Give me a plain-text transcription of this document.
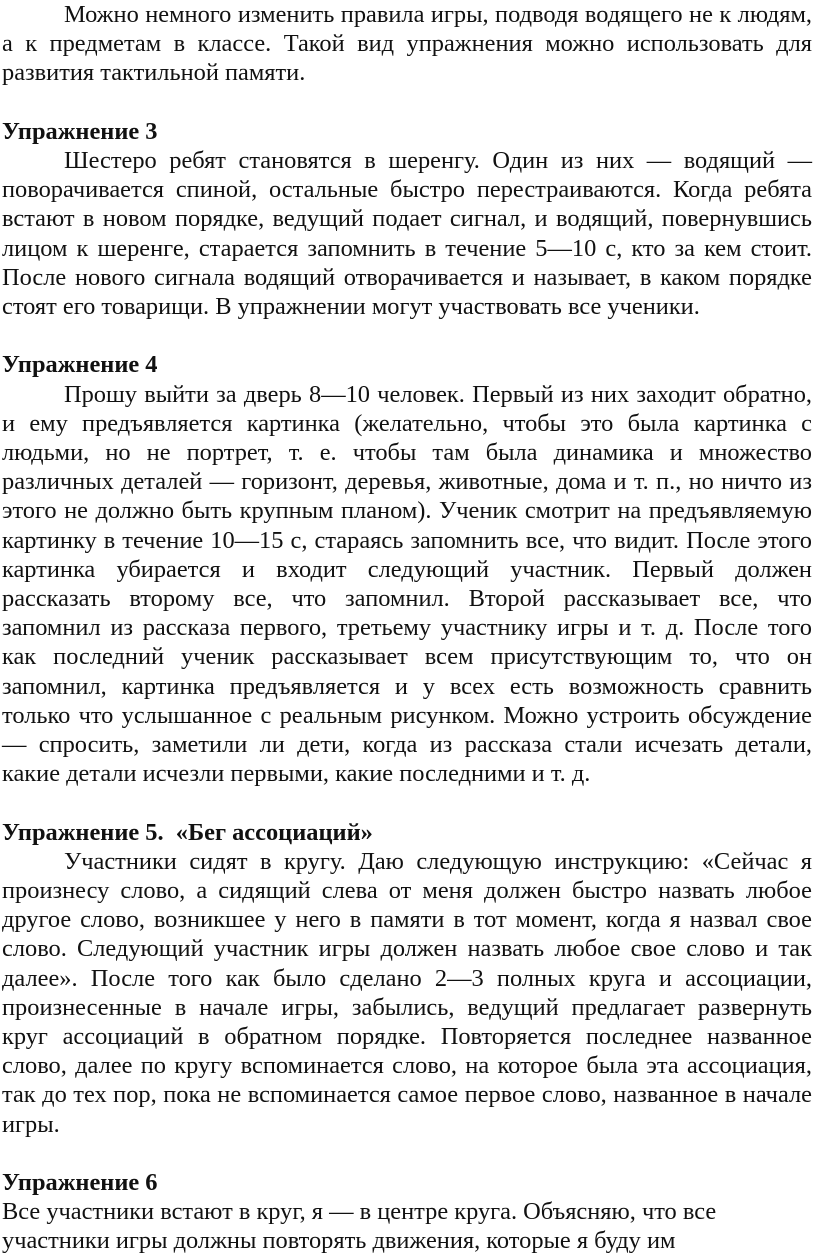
Можно немного изменить правила игры, подводя водящего не к людям, а к предметам в классе. Такой вид упражнения можно использовать для развития тактильной памяти.

Упражнение 3

Шестеро ребят становятся в шеренгу. Один из них — водящий — поворачивается спиной, остальные быстро перестраиваются. Когда ребята встают в новом порядке, ведущий подает сигнал, и водящий, повернувшись лицом к шеренге, старается запомнить в течение 5—10 с, кто за кем стоит. После нового сигнала водящий отворачивается и называет, в каком порядке стоят его товарищи. В упражнении могут участвовать все ученики.

Упражнение 4

Прошу выйти за дверь 8—10 человек. Первый из них заходит обратно, и ему предъявляется картинка (желательно, чтобы это была картинка с людьми, но не портрет, т. е. чтобы там была динамика и множество различных деталей — горизонт, деревья, животные, дома и т. п., но ничто из этого не должно быть крупным планом). Ученик смотрит на предъявляемую картинку в течение 10—15 с, стараясь запомнить все, что видит. После этого картинка убирается и входит следующий участник. Первый должен рассказать второму все, что запомнил. Второй рассказывает все, что запомнил из рассказа первого, третьему участнику игры и т. д. После того как последний ученик рассказывает всем присутствующим то, что он запомнил, картинка предъявляется и у всех есть возможность сравнить только что услышанное с реальным рисунком. Можно устроить обсуждение — спросить, заметили ли дети, когда из рассказа стали исчезать детали, какие детали исчезли первыми, какие последними и т. д.

Упражнение 5.  «Бег ассоциаций»

Участники сидят в кругу. Даю следующую инструкцию: «Сейчас я произнесу слово, а сидящий слева от меня должен быстро назвать любое другое слово, возникшее у него в памяти в тот момент, когда я назвал свое слово. Следующий участник игры должен назвать любое свое слово и так далее». После того как было сделано 2—3 полных круга и ассоциации, произнесенные в начале игры, забылись, ведущий предлагает развернуть круг ассоциаций в обратном порядке. Повторяется последнее названное слово, далее по кругу вспоминается слово, на которое была эта ассоциация, так до тех пор, пока не вспоминается самое первое слово, названное в начале игры.

Упражнение 6

Все участники встают в круг, я — в центре круга. Объясняю, что все

участники игры должны повторять движения, которые я буду им
